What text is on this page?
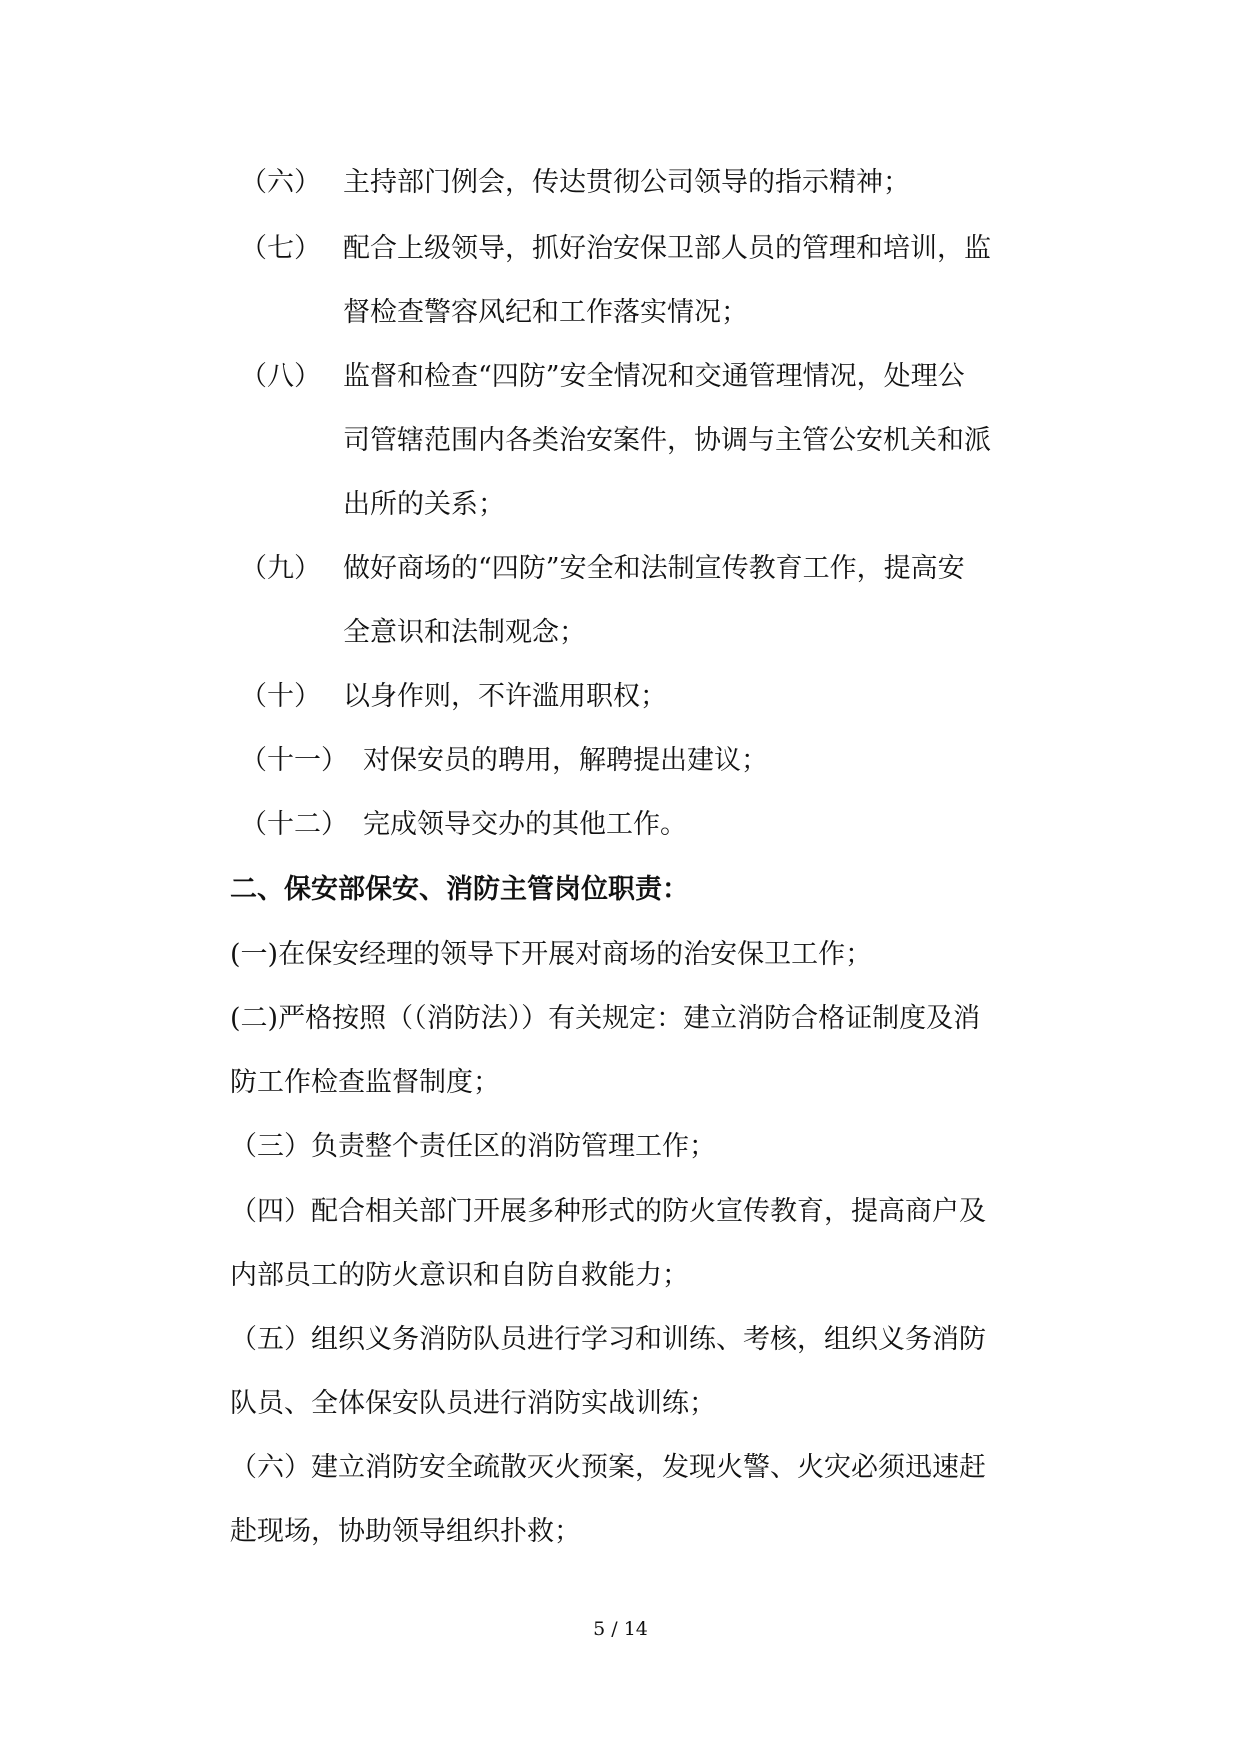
（六） 主持部门例会，传达贯彻公司领导的指示精神；
（七） 配合上级领导，抓好治安保卫部人员的管理和培训，监
督检查警容风纪和工作落实情况；
（八） 监督和检查“四防”安全情况和交通管理情况，处理公
司管辖范围内各类治安案件，协调与主管公安机关和派
出所的关系；
（九） 做好商场的“四防”安全和法制宣传教育工作，提高安
全意识和法制观念；
（十） 以身作则，不许滥用职权；
（十一） 对保安员的聘用，解聘提出建议；
（十二） 完成领导交办的其他工作。
二、保安部保安、消防主管岗位职责：
(一)在保安经理的领导下开展对商场的治安保卫工作；
(二)严格按照（（消防法））有关规定：建立消防合格证制度及消
防工作检查监督制度；
（三）负责整个责任区的消防管理工作；
（四）配合相关部门开展多种形式的防火宣传教育，提高商户及
内部员工的防火意识和自防自救能力；
（五）组织义务消防队员进行学习和训练、考核，组织义务消防
队员、全体保安队员进行消防实战训练；
（六）建立消防安全疏散灭火预案，发现火警、火灾必须迅速赶
赴现场，协助领导组织扑救；
5 / 14
